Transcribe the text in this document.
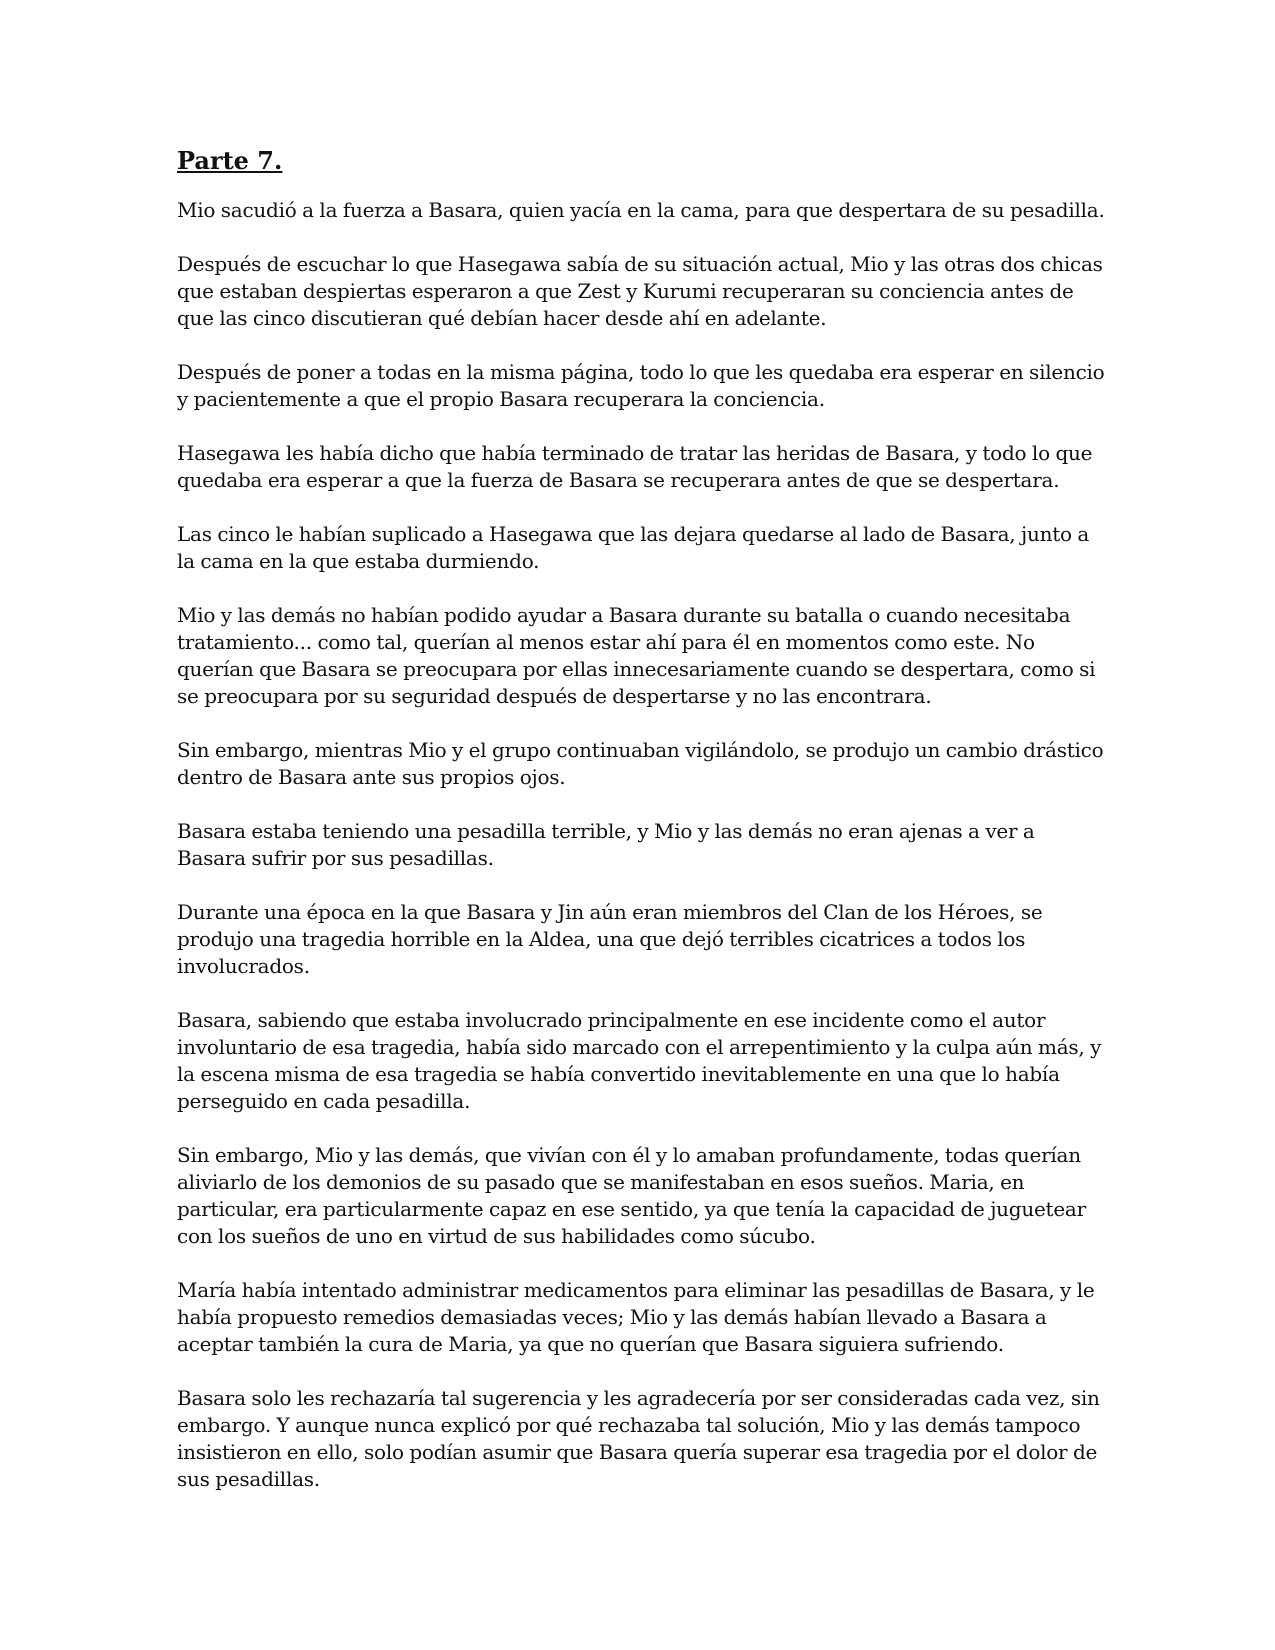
Parte 7.

Mio sacudió a la fuerza a Basara, quien yacía en la cama, para que despertara de su pesadilla.

Después de escuchar lo que Hasegawa sabía de su situación actual, Mio y las otras dos chicas que estaban despiertas esperaron a que Zest y Kurumi recuperaran su conciencia antes de que las cinco discutieran qué debían hacer desde ahí en adelante.

Después de poner a todas en la misma página, todo lo que les quedaba era esperar en silencio y pacientemente a que el propio Basara recuperara la conciencia.

Hasegawa les había dicho que había terminado de tratar las heridas de Basara, y todo lo que quedaba era esperar a que la fuerza de Basara se recuperara antes de que se despertara.

Las cinco le habían suplicado a Hasegawa que las dejara quedarse al lado de Basara, junto a la cama en la que estaba durmiendo.

Mio y las demás no habían podido ayudar a Basara durante su batalla o cuando necesitaba tratamiento... como tal, querían al menos estar ahí para él en momentos como este. No querían que Basara se preocupara por ellas innecesariamente cuando se despertara, como si se preocupara por su seguridad después de despertarse y no las encontrara.

Sin embargo, mientras Mio y el grupo continuaban vigilándolo, se produjo un cambio drástico dentro de Basara ante sus propios ojos.

Basara estaba teniendo una pesadilla terrible, y Mio y las demás no eran ajenas a ver a Basara sufrir por sus pesadillas.

Durante una época en la que Basara y Jin aún eran miembros del Clan de los Héroes, se produjo una tragedia horrible en la Aldea, una que dejó terribles cicatrices a todos los involucrados.

Basara, sabiendo que estaba involucrado principalmente en ese incidente como el autor involuntario de esa tragedia, había sido marcado con el arrepentimiento y la culpa aún más, y la escena misma de esa tragedia se había convertido inevitablemente en una que lo había perseguido en cada pesadilla.

Sin embargo, Mio y las demás, que vivían con él y lo amaban profundamente, todas querían aliviarlo de los demonios de su pasado que se manifestaban en esos sueños. Maria, en particular, era particularmente capaz en ese sentido, ya que tenía la capacidad de juguetear con los sueños de uno en virtud de sus habilidades como súcubo.

María había intentado administrar medicamentos para eliminar las pesadillas de Basara, y le había propuesto remedios demasiadas veces; Mio y las demás habían llevado a Basara a aceptar también la cura de Maria, ya que no querían que Basara siguiera sufriendo.

Basara solo les rechazaría tal sugerencia y les agradecería por ser consideradas cada vez, sin embargo. Y aunque nunca explicó por qué rechazaba tal solución, Mio y las demás tampoco insistieron en ello, solo podían asumir que Basara quería superar esa tragedia por el dolor de sus pesadillas.
